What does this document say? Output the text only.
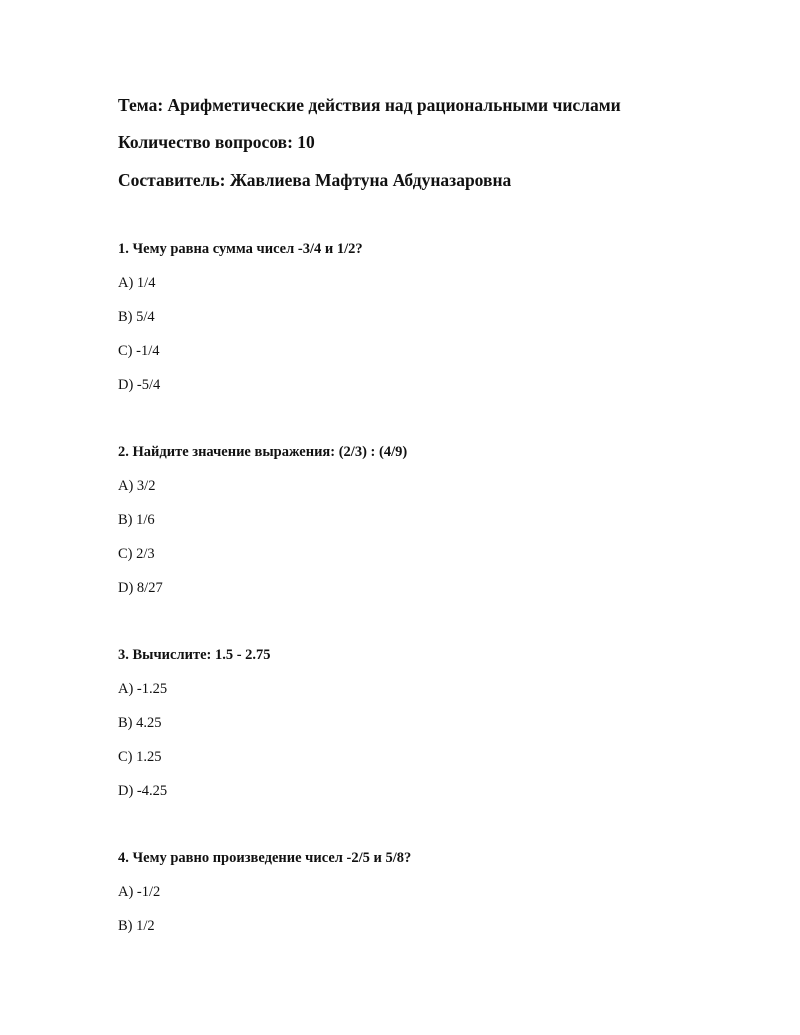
Тема: Арифметические действия над рациональными числами
Количество вопросов: 10
Составитель: Жавлиева Мафтуна Абдуназаровна
1. Чему равна сумма чисел -3/4 и 1/2?
A) 1/4
B) 5/4
C) -1/4
D) -5/4
2. Найдите значение выражения: (2/3) : (4/9)
A) 3/2
B) 1/6
C) 2/3
D) 8/27
3. Вычислите: 1.5 - 2.75
A) -1.25
B) 4.25
C) 1.25
D) -4.25
4. Чему равно произведение чисел -2/5 и 5/8?
A) -1/2
B) 1/2
